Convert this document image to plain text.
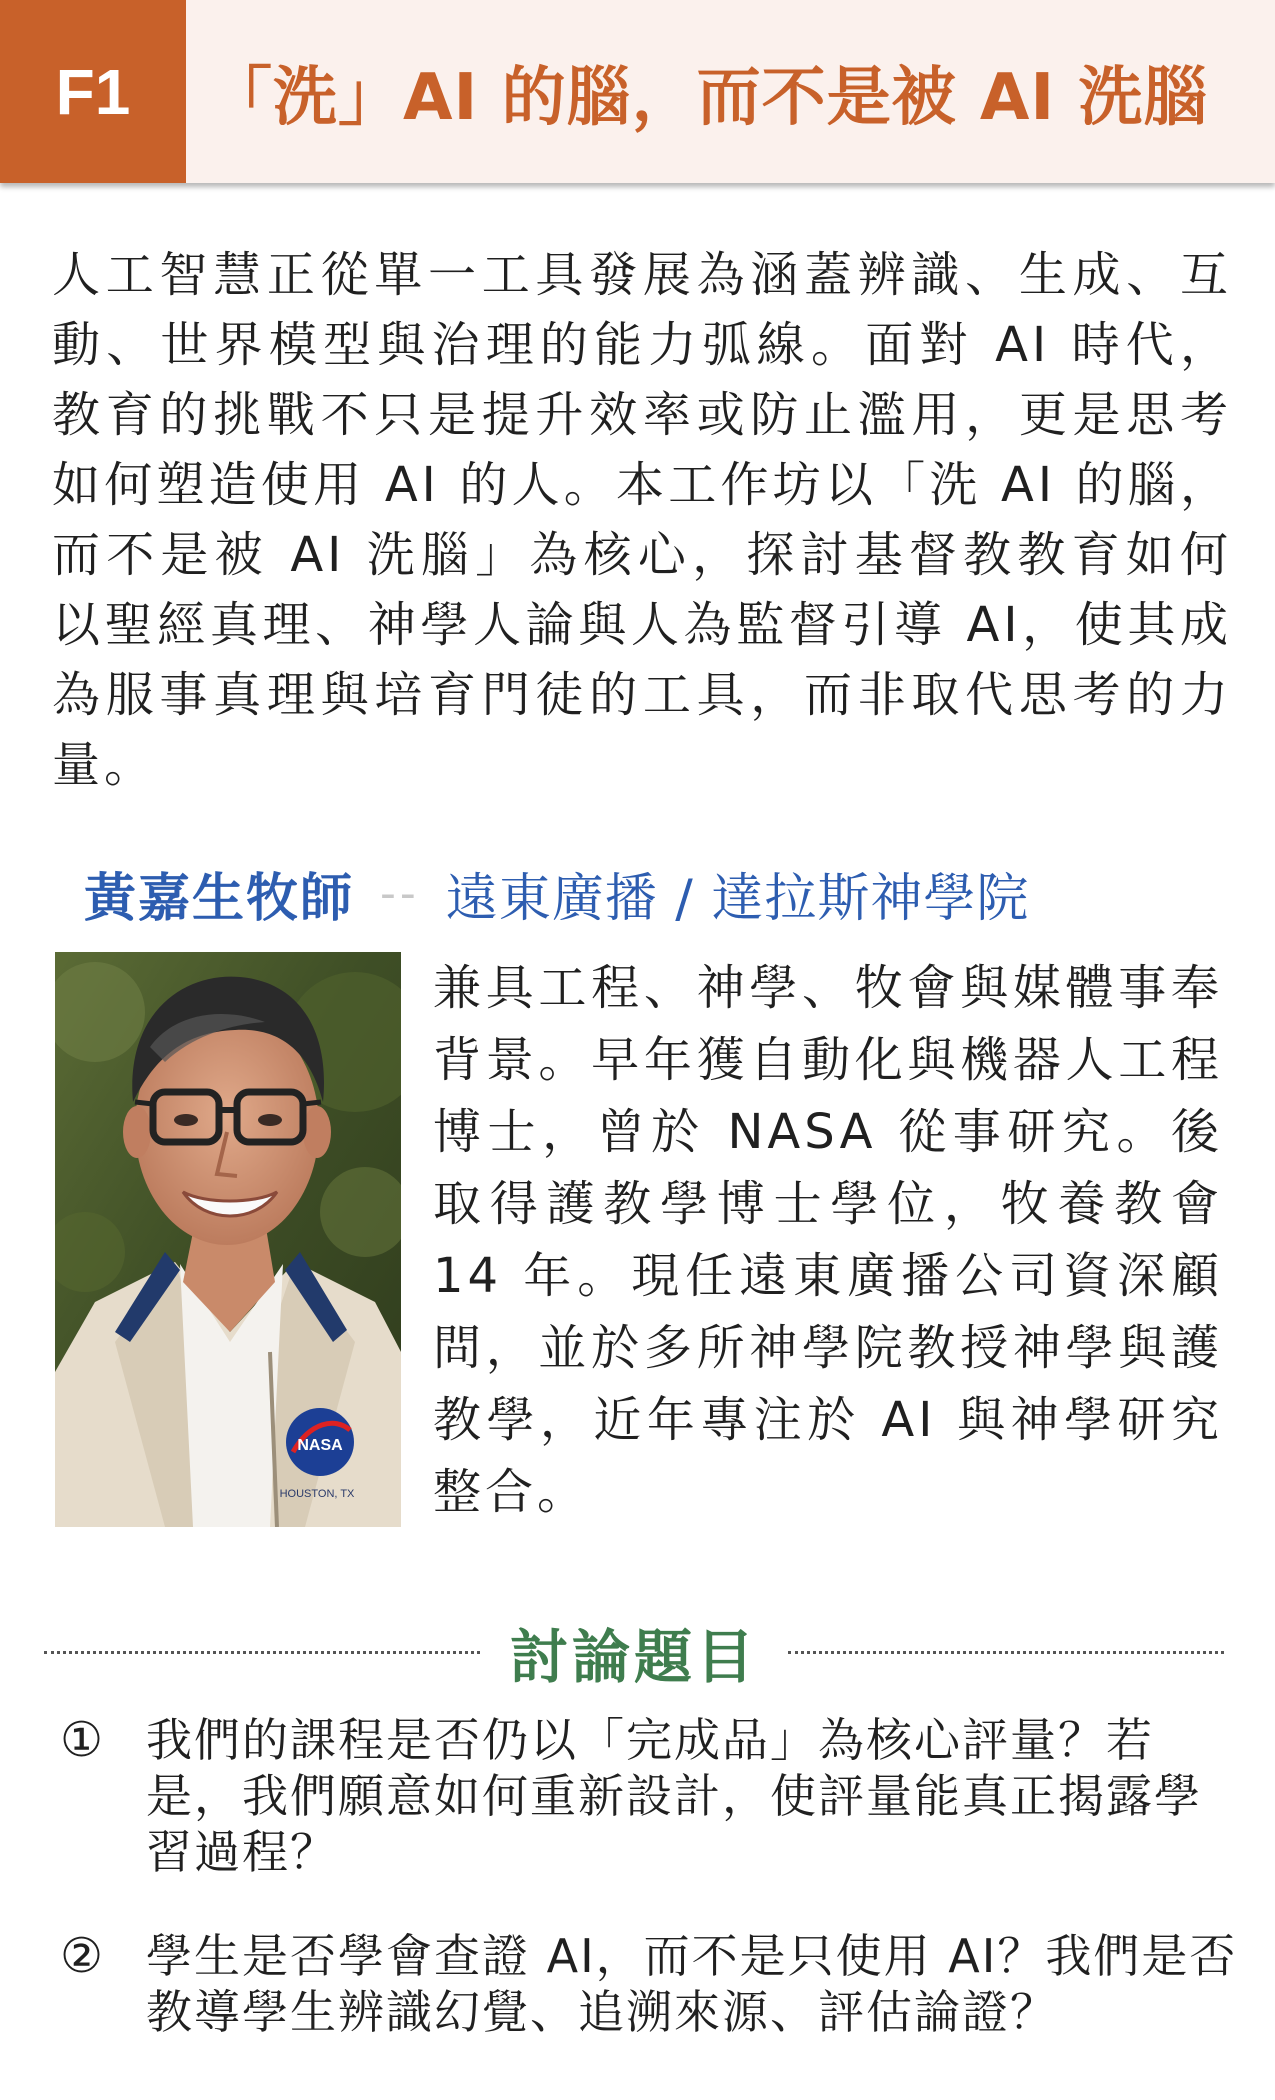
F1	「洗」AI 的腦，而不是被 AI 洗腦

人工智慧正從單一工具發展為涵蓋辨識、生成、互動、世界模型與治理的能力弧線。面對 AI 時代，教育的挑戰不只是提升效率或防止濫用，更是思考如何塑造使用 AI 的人。本工作坊以「洗 AI 的腦，而不是被 AI 洗腦」為核心，探討基督教教育如何以聖經真理、神學人論與人為監督引導 AI，使其成為服事真理與培育門徒的工具，而非取代思考的力量。

黃嘉生牧師 -- 遠東廣播 / 達拉斯神學院
NASA
HOUSTON, TX

兼具工程、神學、牧會與媒體事奉背景。早年獲自動化與機器人工程博士，曾於 NASA 從事研究。後取得護教學博士學位，牧養教會 14 年。現任遠東廣播公司資深顧問，並於多所神學院教授神學與護教學，近年專注於 AI 與神學研究整合。

討論題目
① 我們的課程是否仍以「完成品」為核心評量？若是，我們願意如何重新設計，使評量能真正揭露學習過程？
② 學生是否學會查證 AI，而不是只使用 AI？我們是否教導學生辨識幻覺、追溯來源、評估論證？
